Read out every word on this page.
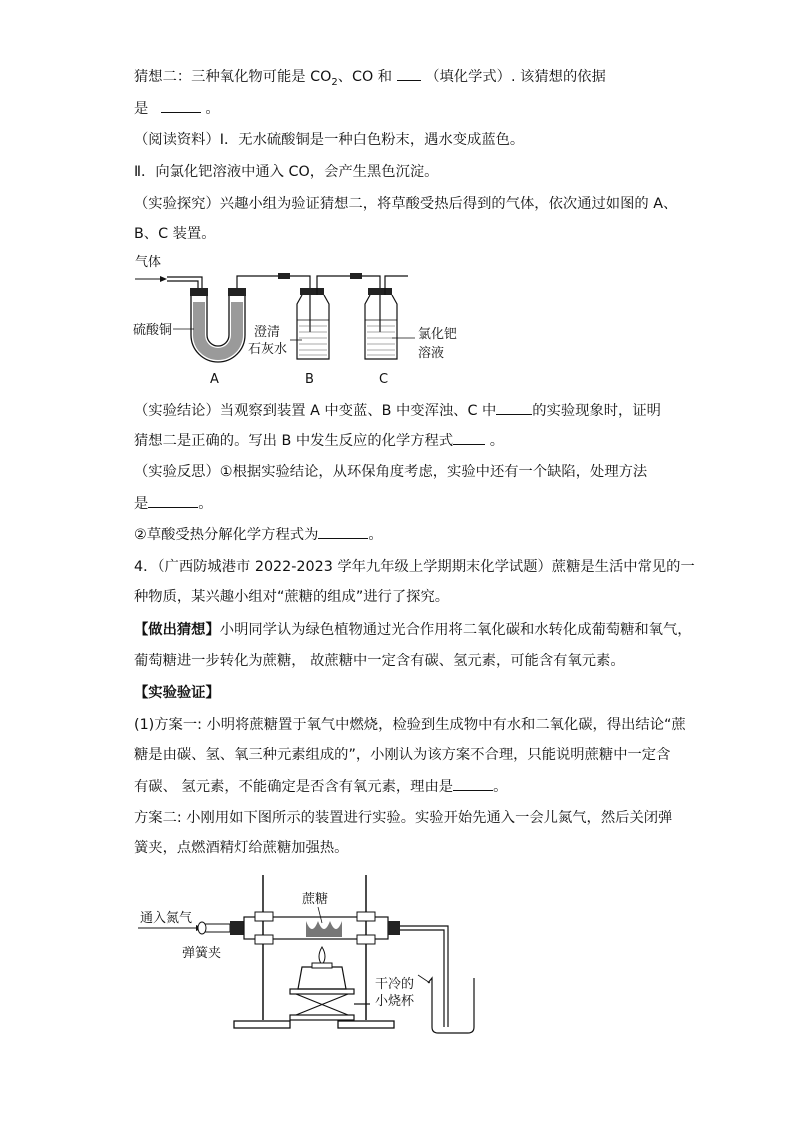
猜想二：三种氧化物可能是 $CO_2$、CO 和 （填化学式）. 该猜想的依据
是	。
（阅读资料）Ⅰ．无水硫酸铜是一种白色粉末，遇水变成蓝色。
Ⅱ．向氯化钯溶液中通入 CO，会产生黑色沉淀。
（实验探究）兴趣小组为验证猜想二，将草酸受热后得到的气体，依次通过如图的 A、
B、C 装置。
气体
硫酸铜
A
澄清
石灰水
B
氯化钯
溶液
C
（实验结论）当观察到装置 A 中变蓝、B 中变浑浊、C 中	的实验现象时，证明
猜想二是正确的。写出 B 中发生反应的化学方程式	。
（实验反思）①根据实验结论，从环保角度考虑，实验中还有一个缺陷，处理方法
是	。
②草酸受热分解化学方程式为	。
4．（广西防城港市 2022-2023 学年九年级上学期期末化学试题）蔗糖是生活中常见的一
种物质，某兴趣小组对“蔗糖的组成”进行了探究。
【做出猜想】小明同学认为绿色植物通过光合作用将二氧化碳和水转化成葡萄糖和氧气，
葡萄糖进一步转化为蔗糖， 故蔗糖中一定含有碳、氢元素，可能含有氧元素。
【实验验证】
(1)方案一: 小明将蔗糖置于氧气中燃烧，检验到生成物中有水和二氧化碳，得出结论“蔗
糖是由碳、氢、氧三种元素组成的”，小刚认为该方案不合理，只能说明蔗糖中一定含
有碳、 氢元素，不能确定是否含有氧元素，理由是	。
方案二: 小刚用如下图所示的装置进行实验。实验开始先通入一会儿氮气，然后关闭弹
簧夹，点燃酒精灯给蔗糖加强热。
通入氮气
弹簧夹
蔗糖
干冷的
小烧杯
